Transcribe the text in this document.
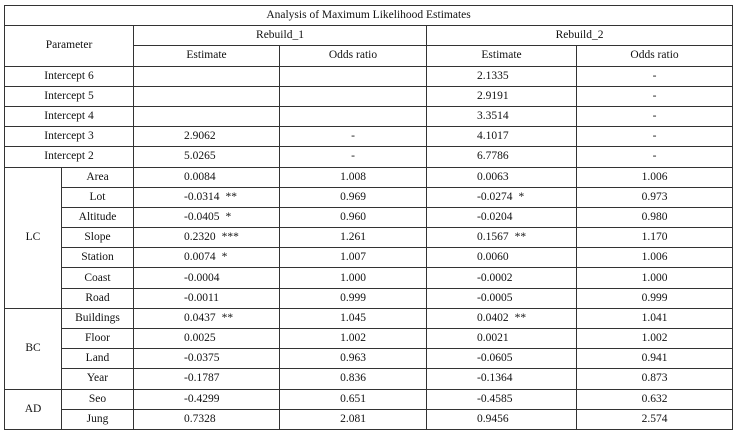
Analysis of Maximum Likelihood Estimates					
Parameter		Rebuild_1		Rebuild_2	
		Estimate	Odds ratio	Estimate	Odds ratio
Intercept 6				2.1335	-
Intercept 5				2.9191	-
Intercept 4				3.3514	-
Intercept 3		2.9062	-	4.1017	-
Intercept 2		5.0265	-	6.7786	-
LC	Area	0.0084	1.008	0.0063	1.006
	Lot	-0.0314 **	0.969	-0.0274 *	0.973
	Altitude	-0.0405 *	0.960	-0.0204	0.980
	Slope	0.2320 ***	1.261	0.1567 **	1.170
	Station	0.0074 *	1.007	0.0060	1.006
	Coast	-0.0004	1.000	-0.0002	1.000
	Road	-0.0011	0.999	-0.0005	0.999
BC	Buildings	0.0437 **	1.045	0.0402 **	1.041
	Floor	0.0025	1.002	0.0021	1.002
	Land	-0.0375	0.963	-0.0605	0.941
	Year	-0.1787	0.836	-0.1364	0.873
AD	Seo	-0.4299	0.651	-0.4585	0.632
	Jung	0.7328	2.081	0.9456	2.574
